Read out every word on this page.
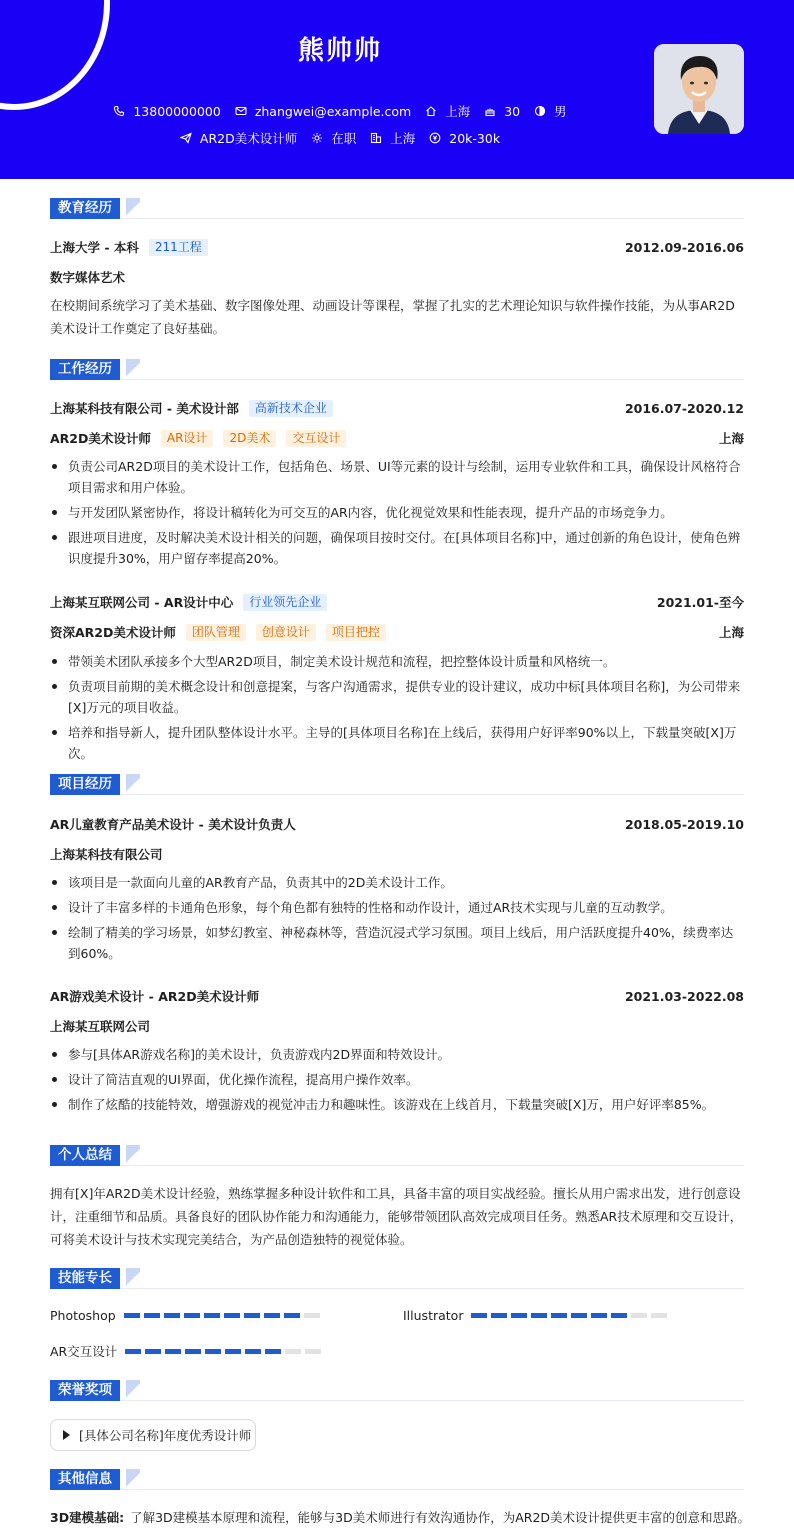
熊帅帅
13800000000	zhangwei@example.com	上海	30	男
AR2D美术设计师	在职	上海	20k-30k
教育经历
上海大学 - 本科	211工程	2012.09-2016.06
数字媒体艺术
在校期间系统学习了美术基础、数字图像处理、动画设计等课程，掌握了扎实的艺术理论知识与软件操作技能，为从事AR2D美术设计工作奠定了良好基础。
工作经历
上海某科技有限公司 - 美术设计部	高新技术企业	2016.07-2020.12
AR2D美术设计师	AR设计	2D美术	交互设计	上海
负责公司AR2D项目的美术设计工作，包括角色、场景、UI等元素的设计与绘制，运用专业软件和工具，确保设计风格符合项目需求和用户体验。
与开发团队紧密协作，将设计稿转化为可交互的AR内容，优化视觉效果和性能表现，提升产品的市场竞争力。
跟进项目进度，及时解决美术设计相关的问题，确保项目按时交付。在[具体项目名称]中，通过创新的角色设计，使角色辨识度提升30%，用户留存率提高20%。
上海某互联网公司 - AR设计中心	行业领先企业	2021.01-至今
资深AR2D美术设计师	团队管理	创意设计	项目把控	上海
带领美术团队承接多个大型AR2D项目，制定美术设计规范和流程，把控整体设计质量和风格统一。
负责项目前期的美术概念设计和创意提案，与客户沟通需求，提供专业的设计建议，成功中标[具体项目名称]，为公司带来[X]万元的项目收益。
培养和指导新人，提升团队整体设计水平。主导的[具体项目名称]在上线后，获得用户好评率90%以上，下载量突破[X]万次。
项目经历
AR儿童教育产品美术设计 - 美术设计负责人	2018.05-2019.10
上海某科技有限公司
该项目是一款面向儿童的AR教育产品，负责其中的2D美术设计工作。
设计了丰富多样的卡通角色形象，每个角色都有独特的性格和动作设计，通过AR技术实现与儿童的互动教学。
绘制了精美的学习场景，如梦幻教室、神秘森林等，营造沉浸式学习氛围。项目上线后，用户活跃度提升40%，续费率达到60%。
AR游戏美术设计 - AR2D美术设计师	2021.03-2022.08
上海某互联网公司
参与[具体AR游戏名称]的美术设计，负责游戏内2D界面和特效设计。
设计了简洁直观的UI界面，优化操作流程，提高用户操作效率。
制作了炫酷的技能特效，增强游戏的视觉冲击力和趣味性。该游戏在上线首月，下载量突破[X]万，用户好评率85%。
个人总结
拥有[X]年AR2D美术设计经验，熟练掌握多种设计软件和工具，具备丰富的项目实战经验。擅长从用户需求出发，进行创意设计，注重细节和品质。具备良好的团队协作能力和沟通能力，能够带领团队高效完成项目任务。熟悉AR技术原理和交互设计，可将美术设计与技术实现完美结合，为产品创造独特的视觉体验。
技能专长
Photoshop	Illustrator
AR交互设计
荣誉奖项
[具体公司名称]年度优秀设计师
其他信息
3D建模基础: 了解3D建模基本原理和流程，能够与3D美术师进行有效沟通协作，为AR2D美术设计提供更丰富的创意和思路。
